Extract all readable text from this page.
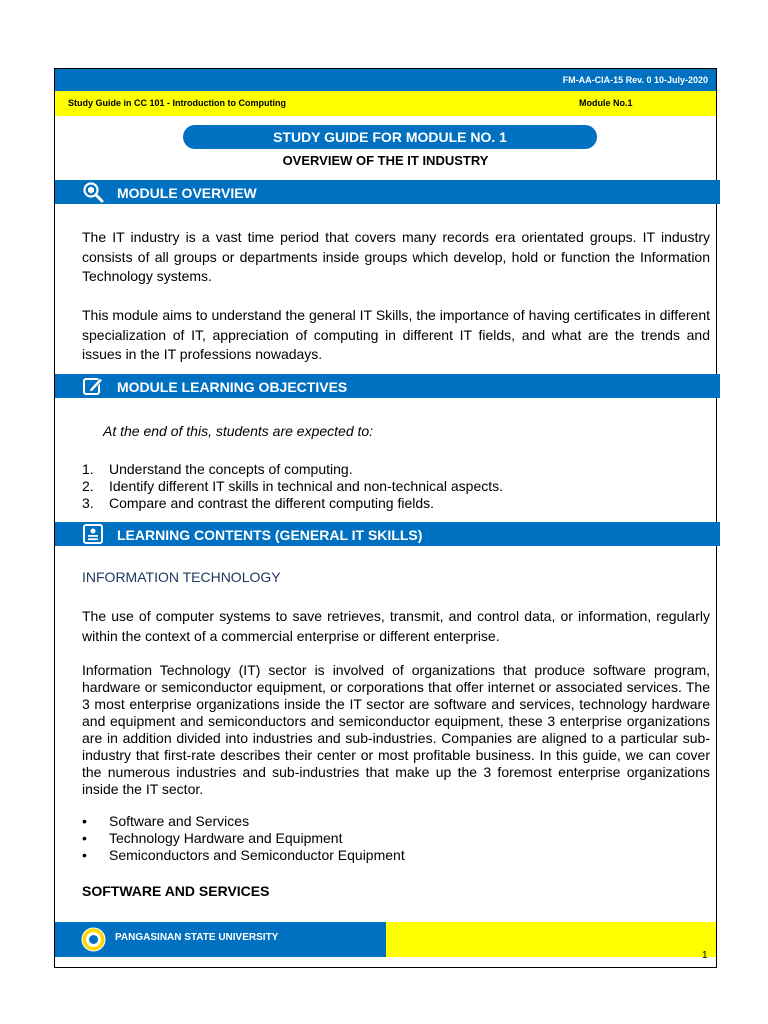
FM-AA-CIA-15 Rev. 0 10-July-2020
Study Guide in CC 101 - Introduction to Computing	Module No.1
STUDY GUIDE FOR MODULE NO. 1
OVERVIEW OF THE IT INDUSTRY
MODULE OVERVIEW

The IT industry is a vast time period that covers many records era orientated groups. IT industry consists of all groups or departments inside groups which develop, hold or function the Information Technology systems.

This module aims to understand the general IT Skills, the importance of having certificates in different specialization of IT, appreciation of computing in different IT fields, and what are the trends and issues in the IT professions nowadays.

MODULE LEARNING OBJECTIVES
At the end of this, students are expected to:
1. Understand the concepts of computing.
2. Identify different IT skills in technical and non-technical aspects.
3. Compare and contrast the different computing fields.
LEARNING CONTENTS (GENERAL IT SKILLS)
INFORMATION TECHNOLOGY

The use of computer systems to save retrieves, transmit, and control data, or information, regularly within the context of a commercial enterprise or different enterprise.

Information Technology (IT) sector is involved of organizations that produce software program, hardware or semiconductor equipment, or corporations that offer internet or associated services. The 3 most enterprise organizations inside the IT sector are software and services, technology hardware and equipment and semiconductors and semiconductor equipment, these 3 enterprise organizations are in addition divided into industries and sub-industries. Companies are aligned to a particular sub-industry that first-rate describes their center or most profitable business. In this guide, we can cover the numerous industries and sub-industries that make up the 3 foremost enterprise organizations inside the IT sector.

• Software and Services
• Technology Hardware and Equipment
• Semiconductors and Semiconductor Equipment
SOFTWARE AND SERVICES
PANGASINAN STATE UNIVERSITY
1
